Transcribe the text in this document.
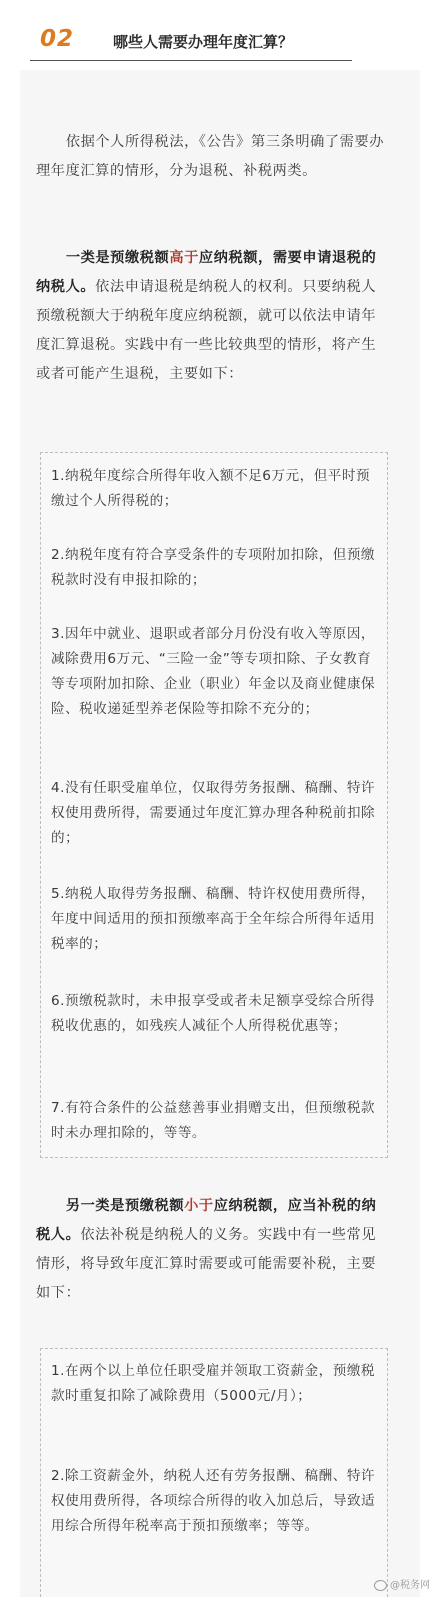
02	哪些人需要办理年度汇算？

依据个人所得税法，《公告》第三条明确了需要办理年度汇算的情形，分为退税、补税两类。

一类是预缴税额高于应纳税额，需要申请退税的纳税人。依法申请退税是纳税人的权利。只要纳税人预缴税额大于纳税年度应纳税额，就可以依法申请年度汇算退税。实践中有一些比较典型的情形，将产生或者可能产生退税，主要如下：

1.纳税年度综合所得年收入额不足6万元，但平时预缴过个人所得税的；

2.纳税年度有符合享受条件的专项附加扣除，但预缴税款时没有申报扣除的；

3.因年中就业、退职或者部分月份没有收入等原因，减除费用6万元、“三险一金”等专项扣除、子女教育等专项附加扣除、企业（职业）年金以及商业健康保险、税收递延型养老保险等扣除不充分的；

4.没有任职受雇单位，仅取得劳务报酬、稿酬、特许权使用费所得，需要通过年度汇算办理各种税前扣除的；

5.纳税人取得劳务报酬、稿酬、特许权使用费所得，年度中间适用的预扣预缴率高于全年综合所得年适用税率的；

6.预缴税款时，未申报享受或者未足额享受综合所得税收优惠的，如残疾人减征个人所得税优惠等；

7.有符合条件的公益慈善事业捐赠支出，但预缴税款时未办理扣除的，等等。

另一类是预缴税额小于应纳税额，应当补税的纳税人。依法补税是纳税人的义务。实践中有一些常见情形，将导致年度汇算时需要或可能需要补税，主要如下：

1.在两个以上单位任职受雇并领取工资薪金，预缴税款时重复扣除了减除费用（5000元/月）；

2.除工资薪金外，纳税人还有劳务报酬、稿酬、特许权使用费所得，各项综合所得的收入加总后，导致适用综合所得年税率高于预扣预缴率；等等。

@税务网
